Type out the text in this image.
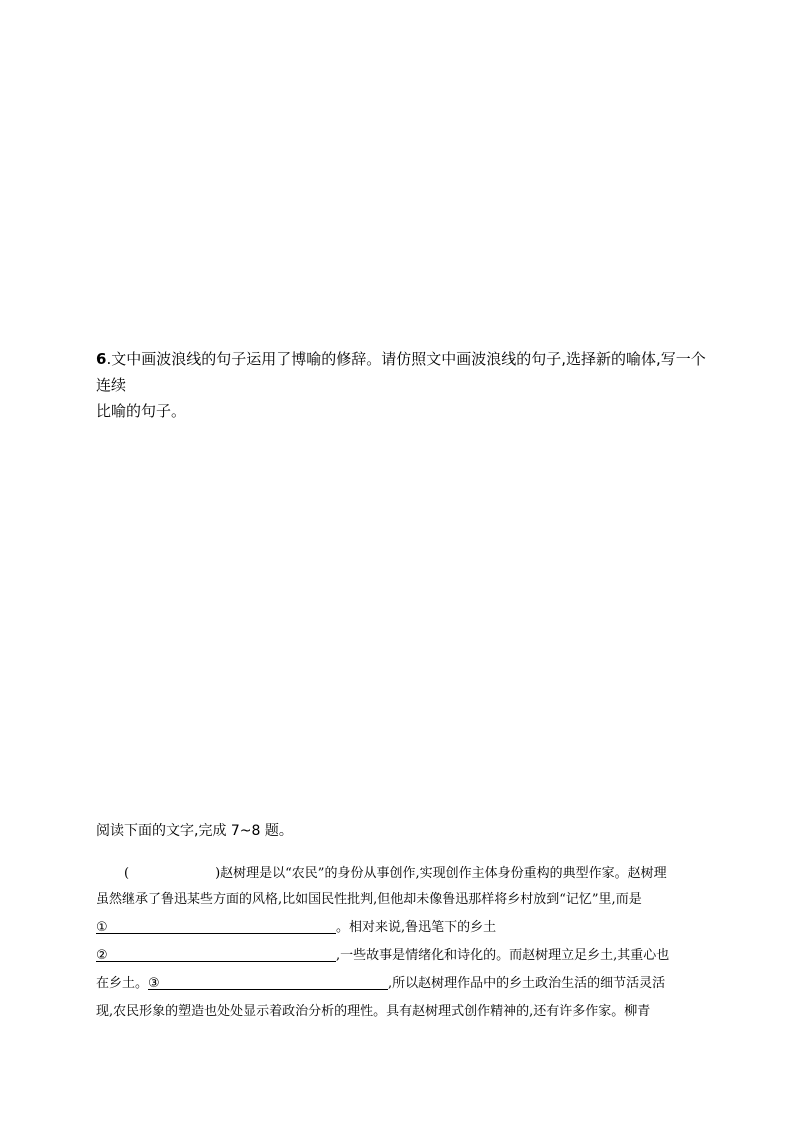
6.文中画波浪线的句子运用了博喻的修辞。请仿照文中画波浪线的句子,选择新的喻体,写一个连续
比喻的句子。
阅读下面的文字,完成 7~8 题。
(	)赵树理是以“农民”的身份从事创作,实现创作主体身份重构的典型作家。赵树理
虽然继承了鲁迅某些方面的风格,比如国民性批判,但他却未像鲁迅那样将乡村放到“记忆”里,而是
①	。相对来说,鲁迅笔下的乡土
②	,一些故事是情绪化和诗化的。而赵树理立足乡土,其重心也
在乡土。③	,所以赵树理作品中的乡土政治生活的细节活灵活
现,农民形象的塑造也处处显示着政治分析的理性。具有赵树理式创作精神的,还有许多作家。柳青
